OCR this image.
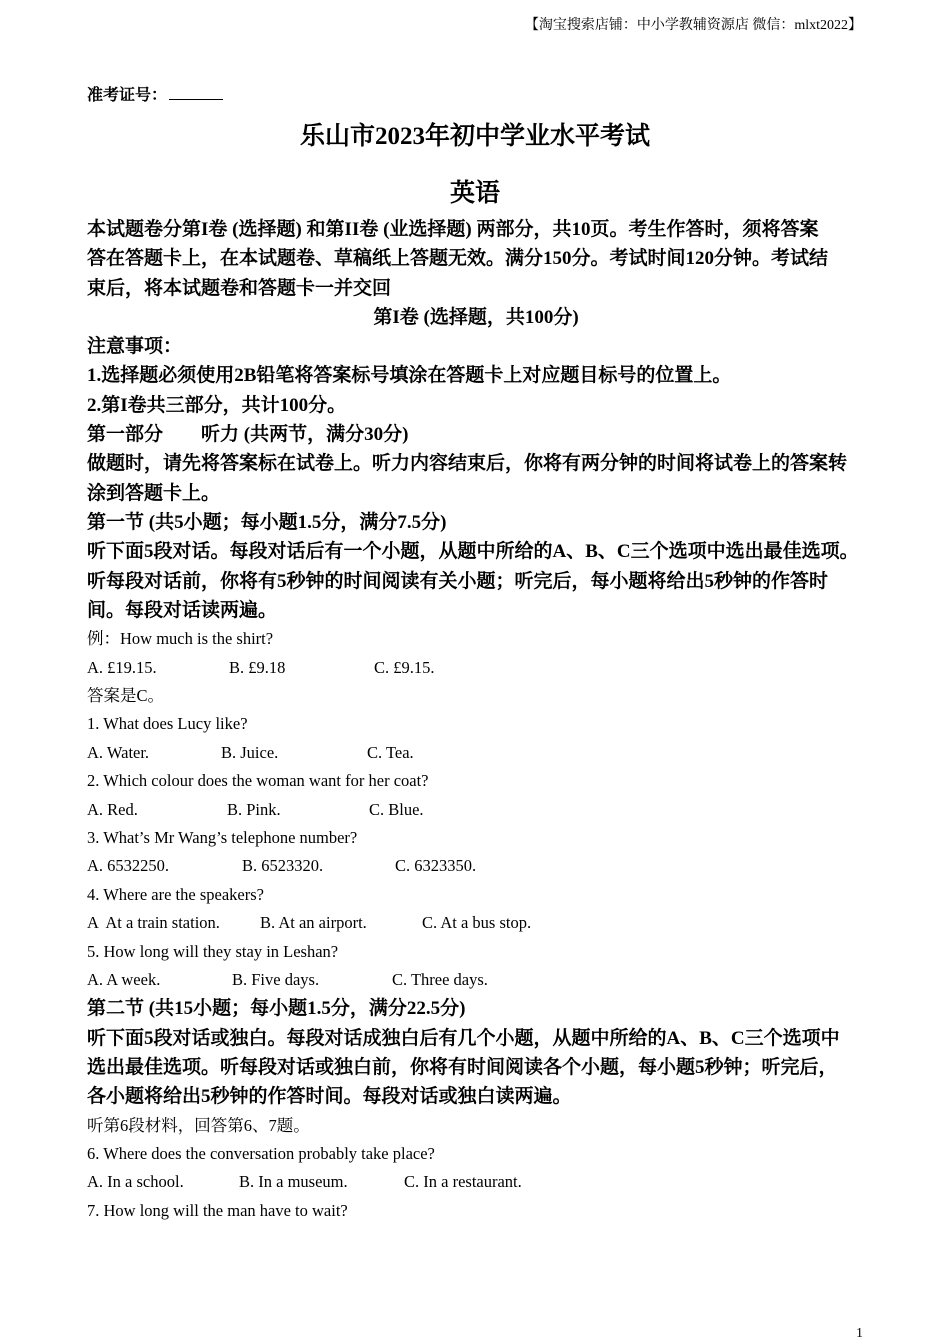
【淘宝搜索店铺：中小学教辅资源店 微信：mlxt2022】
准考证号：
乐山市2023年初中学业水平考试
英语
本试题卷分第I卷 (选择题) 和第II卷 (业选择题) 两部分，共10页。考生作答时，须将答案
答在答题卡上，在本试题卷、草稿纸上答题无效。满分150分。考试时间120分钟。考试结
束后，将本试题卷和答题卡一并交回
第I卷 (选择题，共100分)
注意事项：
1.选择题必须使用2B铅笔将答案标号填涂在答题卡上对应题目标号的位置上。
2.第I卷共三部分，共计100分。
第一部分 听力 (共两节，满分30分)
做题时，请先将答案标在试卷上。听力内容结束后，你将有两分钟的时间将试卷上的答案转
涂到答题卡上。
第一节 (共5小题；每小题1.5分，满分7.5分)
听下面5段对话。每段对话后有一个小题，从题中所给的A、B、C三个选项中选出最佳选项。
听每段对话前，你将有5秒钟的时间阅读有关小题；听完后，每小题将给出5秒钟的作答时
间。每段对话读两遍。
例：How much is the shirt?
A. £19.15.	B. £9.18	C. £9.15.
答案是C。
1. What does Lucy like?
A. Water.	B. Juice.	C. Tea.
2. Which colour does the woman want for her coat?
A. Red.	B. Pink.	C. Blue.
3. What’s Mr Wang’s telephone number?
A. 6532250.	B. 6523320.	C. 6323350.
4. Where are the speakers?
A  At a train station. B. At an airport.	C. At a bus stop.
5. How long will they stay in Leshan?
A. A week.	B. Five days.	C. Three days.
第二节 (共15小题；每小题1.5分，满分22.5分)
听下面5段对话或独白。每段对话成独白后有几个小题，从题中所给的A、B、C三个选项中
选出最佳选项。听每段对话或独白前，你将有时间阅读各个小题，每小题5秒钟；听完后，
各小题将给出5秒钟的作答时间。每段对话或独白读两遍。
听第6段材料，回答第6、7题。
6. Where does the conversation probably take place?
A. In a school.	B. In a museum.	C. In a restaurant.
7. How long will the man have to wait?
1
